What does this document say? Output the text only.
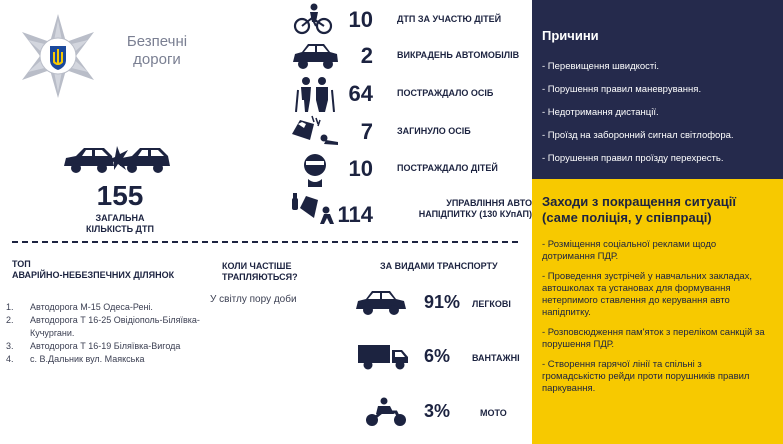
Безпечні
дороги
155
ЗАГАЛЬНА
КІЛЬКІСТЬ ДТП
10	ДТП ЗА УЧАСТЮ ДІТЕЙ
2	ВИКРАДЕНЬ АВТОМОБІЛІВ
64	ПОСТРАЖДАЛО ОСІБ
7	ЗАГИНУЛО ОСІБ
10	ПОСТРАЖДАЛО ДІТЕЙ
114	УПРАВЛІННЯ АВТО
НАПІДПИТКУ (130 КУпАП)
ТОП
АВАРІЙНО-НЕБЕЗПЕЧНИХ ДІЛЯНОК
1. Автодорога М-15 Одеса-Рені.
2. Автодорога Т 16-25 Овідіополь-Біляївка-Кучургани.
3. Автодорога Т 16-19 Біляївка-Вигода
4. с. В.Дальник вул. Маякська
КОЛИ ЧАСТІШЕ
ТРАПЛЯЮТЬСЯ?
У світлу пору доби
ЗА ВИДАМИ ТРАНСПОРТУ
91% ЛЕГКОВІ
6% ВАНТАЖНІ
3%	МОТО
Причини
- Перевищення швидкості.
- Порушення правил маневрування.
- Недотримання дистанції.
- Проїзд на заборонний сигнал світлофора.
- Порушення правил проїзду перехресть.
Заходи з покращення ситуації
(саме поліція, у співпраці)
- Розміщення соціальної реклами щодо дотримання ПДР.
- Проведення зустрічей у навчальних закладах, автошколах та установах для формування нетерпимого ставлення до керування авто напідпитку.
- Розповсюдження пам'яток з переліком санкцій за порушення ПДР.
- Створення гарячої лінії та спільні з громадськістю рейди проти порушників правил паркування.
